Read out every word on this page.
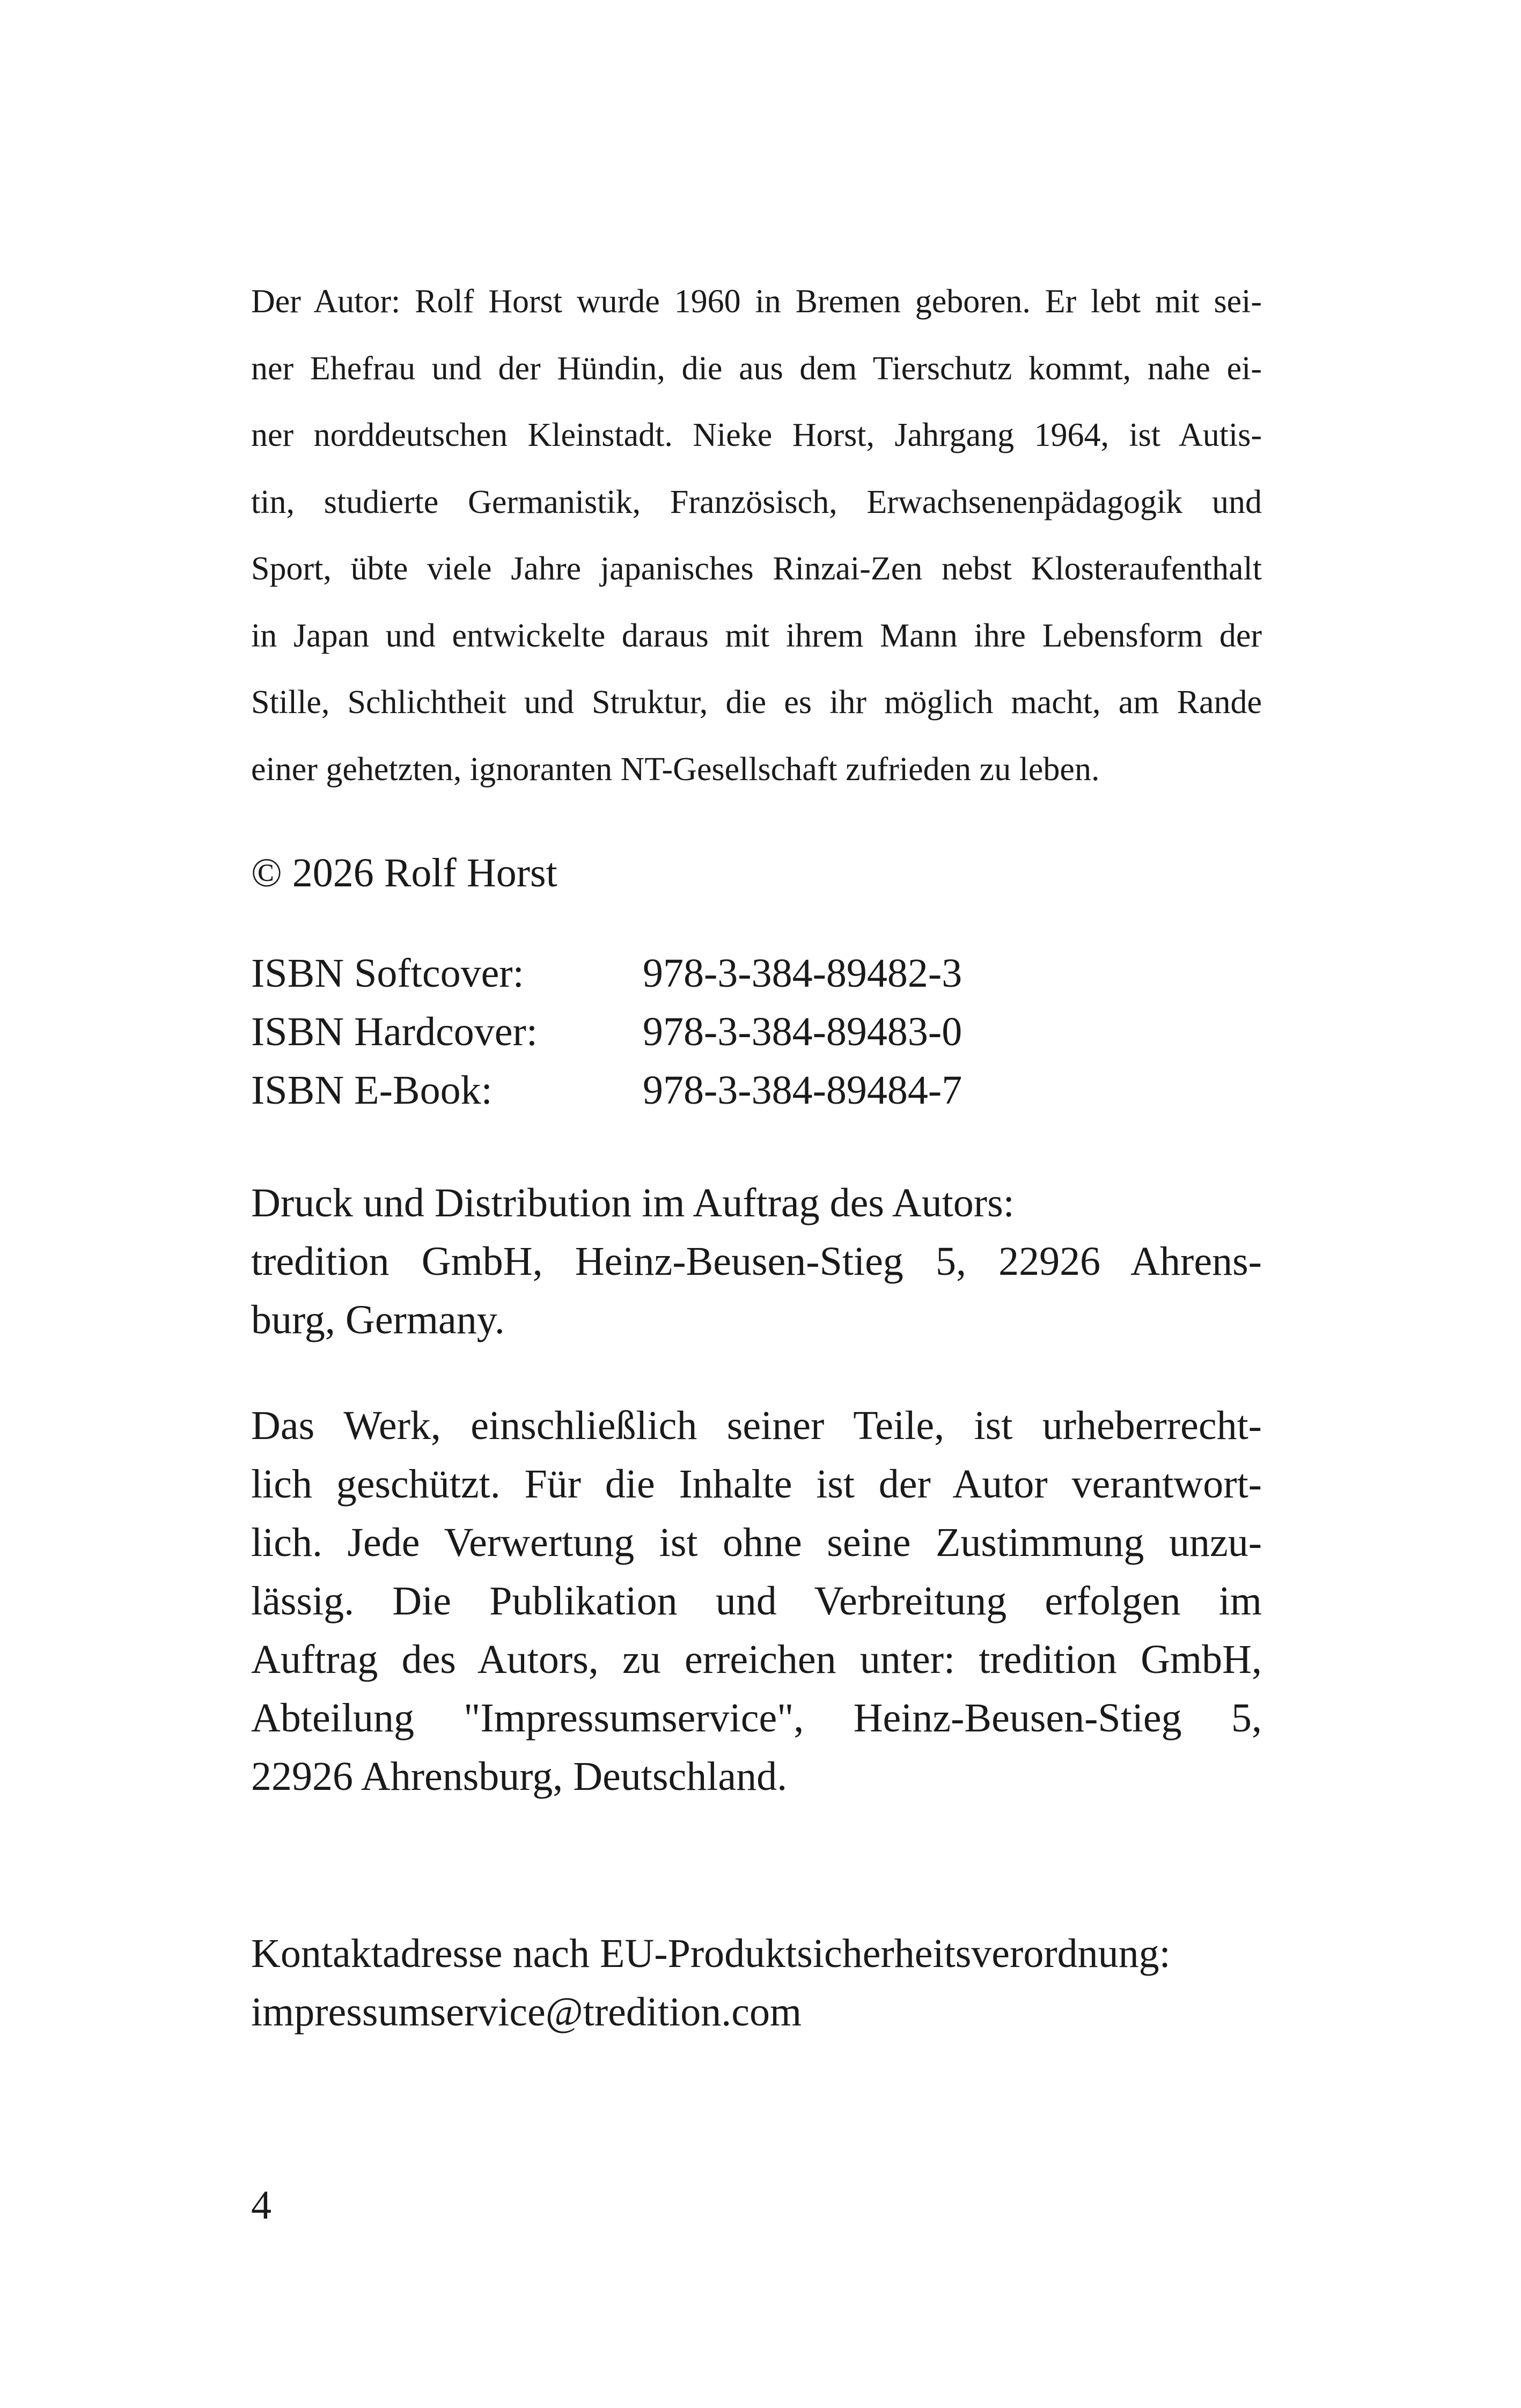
Der Autor: Rolf Horst wurde 1960 in Bremen geboren. Er lebt mit sei-
ner Ehefrau und der Hündin, die aus dem Tierschutz kommt, nahe ei-
ner norddeutschen Kleinstadt. Nieke Horst, Jahrgang 1964, ist Autis-
tin, studierte Germanistik, Französisch, Erwachsenenpädagogik und
Sport, übte viele Jahre japanisches Rinzai-Zen nebst Klosteraufenthalt
in Japan und entwickelte daraus mit ihrem Mann ihre Lebensform der
Stille, Schlichtheit und Struktur, die es ihr möglich macht, am Rande
einer gehetzten, ignoranten NT-Gesellschaft zufrieden zu leben.
© 2026 Rolf Horst
ISBN Softcover:	978-3-384-89482-3
ISBN Hardcover:	978-3-384-89483-0
ISBN E-Book:	978-3-384-89484-7
Druck und Distribution im Auftrag des Autors:
tredition GmbH, Heinz-Beusen-Stieg 5, 22926 Ahrens-
burg, Germany.
Das Werk, einschließlich seiner Teile, ist urheberrecht-
lich geschützt. Für die Inhalte ist der Autor verantwort-
lich. Jede Verwertung ist ohne seine Zustimmung unzu-
lässig. Die Publikation und Verbreitung erfolgen im
Auftrag des Autors, zu erreichen unter: tredition GmbH,
Abteilung "Impressumservice", Heinz-Beusen-Stieg 5,
22926 Ahrensburg, Deutschland.
Kontaktadresse nach EU-Produktsicherheitsverordnung:
impressumservice@tredition.com
4
